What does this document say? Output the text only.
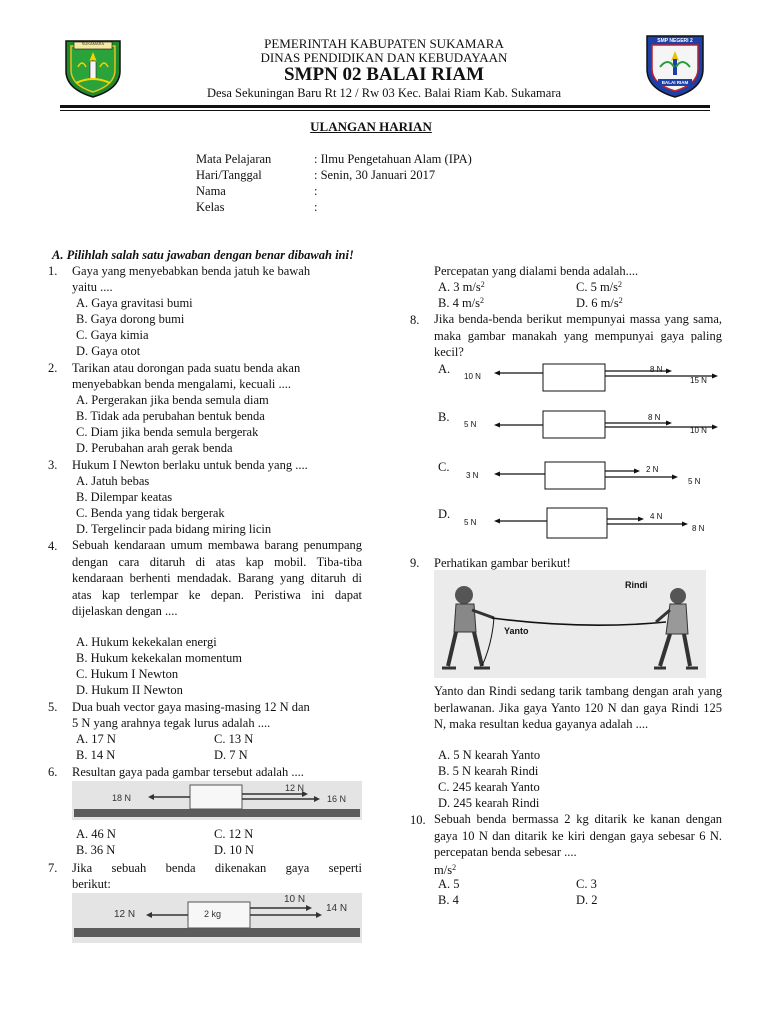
SUKAMARA	SMP NEGERI 2
BALAI RIAM
PEMERINTAH KABUPATEN SUKAMARA
DINAS PENDIDIKAN DAN KEBUDAYAAN
SMPN 02 BALAI RIAM
Desa Sekuningan Baru Rt 12 / Rw 03 Kec. Balai Riam Kab. Sukamara
ULANGAN HARIAN
Mata Pelajaran	: Ilmu Pengetahuan Alam (IPA)
Hari/Tanggal	: Senin, 30 Januari 2017
Nama	:
Kelas	:
A. Pilihlah salah satu jawaban dengan benar dibawah ini!
1. Gaya yang menyebabkan benda jatuh ke bawah
yaitu ....
A. Gaya gravitasi bumi
B. Gaya dorong bumi
C. Gaya kimia
D. Gaya otot
2. Tarikan atau dorongan pada suatu benda akan
menyebabkan benda mengalami, kecuali ....
A. Pergerakan jika benda semula diam
B. Tidak ada perubahan bentuk benda
C. Diam jika benda semula bergerak
D. Perubahan arah gerak benda
3. Hukum I Newton berlaku untuk benda yang ....
A. Jatuh bebas
B. Dilempar keatas
C. Benda yang tidak bergerak
D. Tergelincir pada bidang miring licin
4. Sebuah kendaraan umum membawa barang penumpang dengan cara ditaruh di atas kap mobil. Tiba-tiba kendaraan berhenti mendadak. Barang yang ditaruh di atas kap terlempar ke depan. Peristiwa ini dapat dijelaskan dengan ....
A. Hukum kekekalan energi
B. Hukum kekekalan momentum
C. Hukum I Newton
D. Hukum II Newton
5. Dua buah vector gaya masing-masing 12 N dan
5 N yang arahnya tegak lurus adalah ....
A. 17 N
B. 14 N
C. 13 N
D. 7 N
6. Resultan gaya pada gambar tersebut adalah ....
18 N
12 N
16 N
A. 46 N
B. 36 N
C. 12 N
D. 10 N
7. Jika sebuah benda dikenakan gaya seperti
berikut:
12 N	2 kg
10 N
14 N
Percepatan yang dialami benda adalah....
A. 3 $m/s^2$
B. 4 $m/s^2$
C. 5 $m/s^2$
D. 6 $m/s^2$
8. Jika benda-benda berikut mempunyai massa yang sama, maka gambar manakah yang mempunyai gaya paling kecil?
A.
10 N
8 N
15 N
B.
5 N
8 N
10 N
C.
3 N
2 N
5 N
D.
5 N
4 N
8 N
9. Perhatikan gambar berikut!
Rindi
Yanto
Yanto dan Rindi sedang tarik tambang dengan arah yang berlawanan. Jika gaya Yanto 120 N dan gaya Rindi 125 N, maka resultan kedua gayanya adalah ....
A. 5 N kearah Yanto
B. 5 N kearah Rindi
C. 245 kearah Yanto
D. 245 kearah Rindi
10. Sebuah benda bermassa 2 kg ditarik ke kanan dengan gaya 10 N dan ditarik ke kiri dengan gaya sebesar 6 N. percepatan benda sebesar ....
$m/s^2$
A. 5
B. 4
C. 3
D. 2
